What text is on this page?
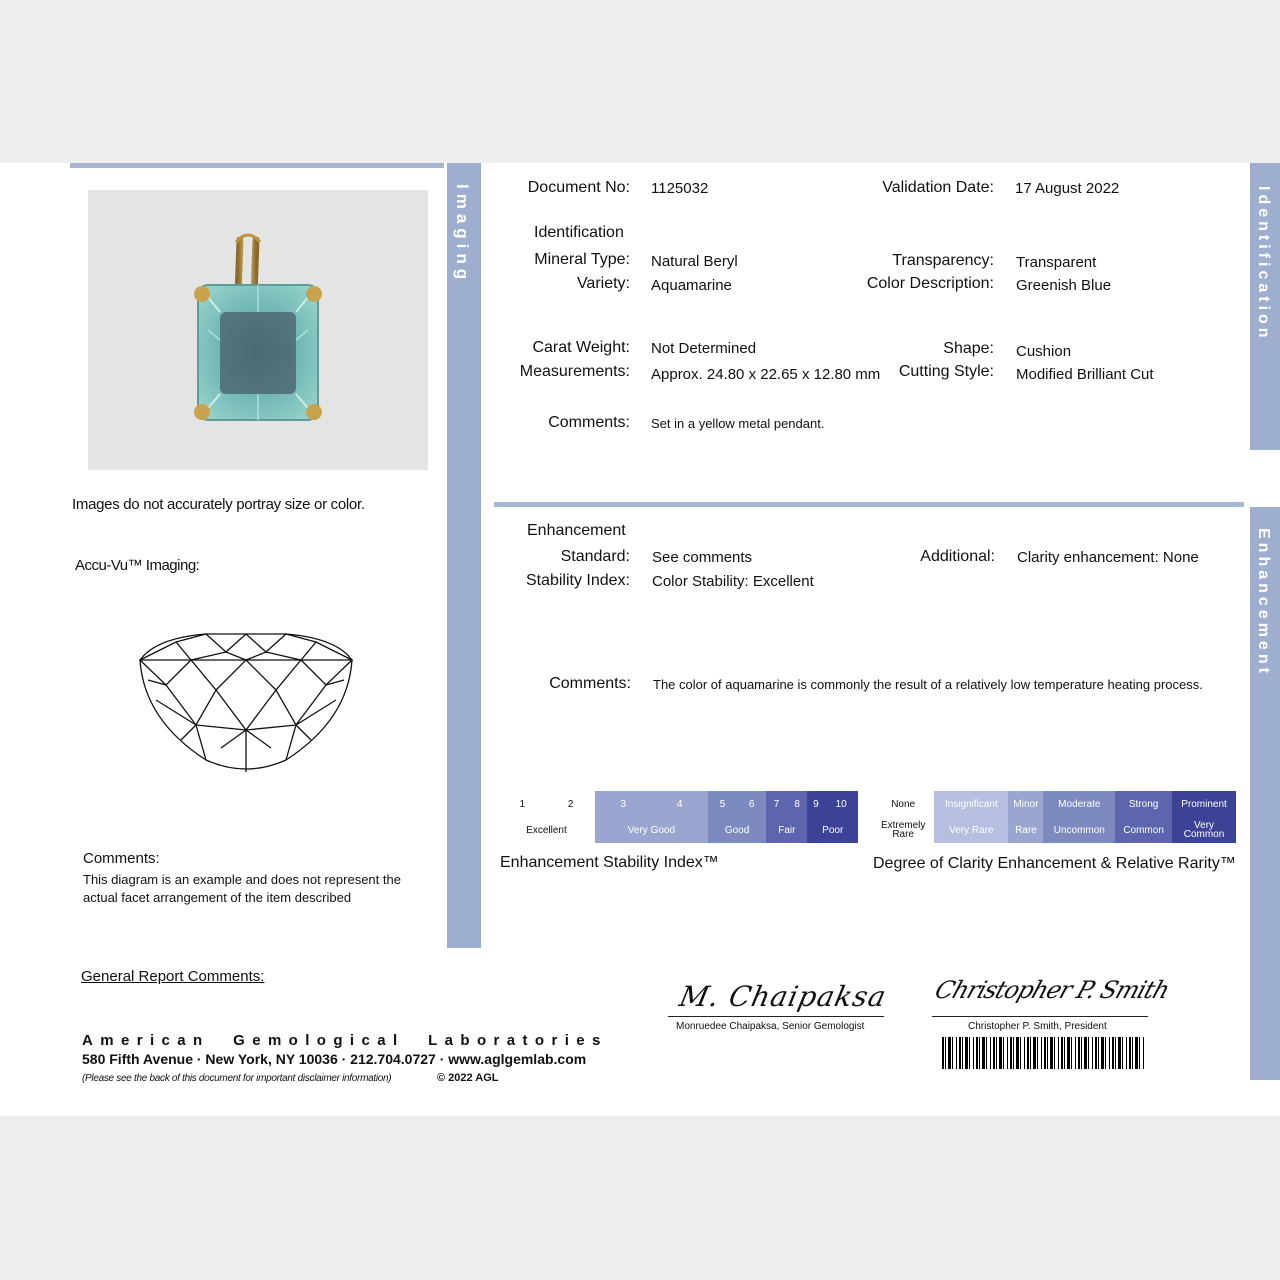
Imaging
Images do not accurately portray size or color.
Accu-Vu™ Imaging:
Comments:
This diagram is an example and does not represent the
actual facet arrangement of the item described
Identification
Document No: 1125032	Validation Date: 17 August 2022
Identification
Mineral Type: Natural Beryl
Variety: Aquamarine
Transparency: Transparent
Color Description: Greenish Blue
Carat Weight: Not Determined
Measurements: Approx. 24.80 x 22.65 x 12.80 mm
Shape: Cushion
Cutting Style: Modified Brilliant Cut
Comments: Set in a yellow metal pendant.
Enhancement
Enhancement
Standard: See comments
Stability Index: Color Stability: Excellent
Additional: Clarity enhancement: None
Comments: The color of aquamarine is commonly the result of a relatively low temperature heating process.
1	2	3	4	5	6	7	8	9	10
Excellent		Very Good		Good		Fair		Poor	
Enhancement Stability Index™
None	Insignificant	Minor	Moderate	Strong	Prominent
Extremely
Rare	Very Rare	Rare	Uncommon	Common	Very
Common
Degree of Clarity Enhancement & Relative Rarity™
General Report Comments:
American Gemological Laboratories
580 Fifth Avenue · New York, NY 10036 · 212.704.0727 · www.aglgemlab.com
(Please see the back of this document for important disclaimer information)	© 2022 AGL
M. Chaipaksa
Monruedee Chaipaksa, Senior Gemologist
Christopher P. Smith
Christopher P. Smith, President
